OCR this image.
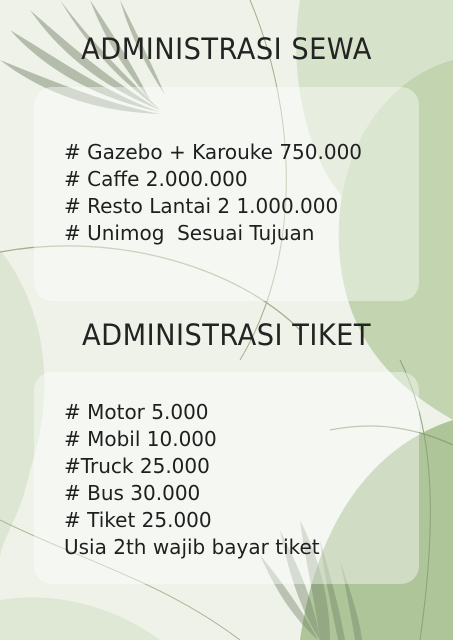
ADMINISTRASI SEWA
# Gazebo + Karouke 750.000
# Caffe 2.000.000
# Resto Lantai 2 1.000.000
# Unimog  Sesuai Tujuan
ADMINISTRASI TIKET
# Motor 5.000
# Mobil 10.000
#Truck 25.000
# Bus 30.000
# Tiket 25.000
Usia 2th wajib bayar tiket
